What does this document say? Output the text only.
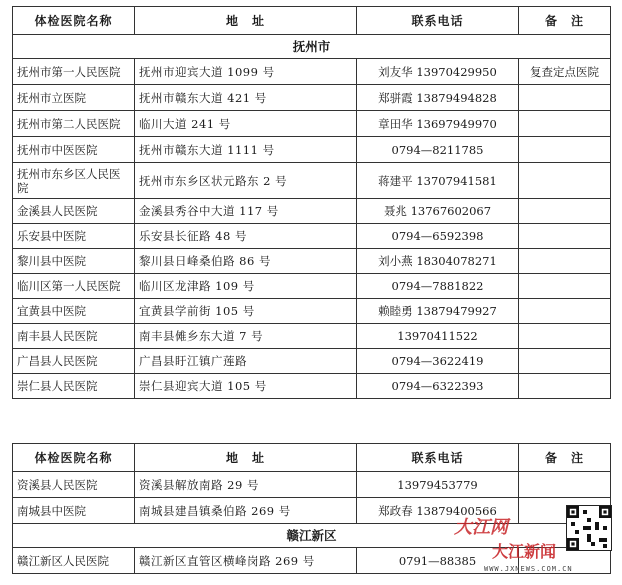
体检医院名称	地　址	联系电话	备　注
抚州市			
抚州市第一人民医院	抚州市迎宾大道 1099 号	刘友华 13970429950	复查定点医院
抚州市立医院	抚州市赣东大道 421 号	郑骈霞 13879494828	
抚州市第二人民医院	临川大道 241 号	章田华 13697949970	
抚州市中医医院	抚州市赣东大道 1111 号	0794—8211785	
抚州市东乡区人民医院	抚州市东乡区状元路东 2 号	蒋建平 13707941581	
金溪县人民医院	金溪县秀谷中大道 117 号	聂兆 13767602067	
乐安县中医院	乐安县长征路 48 号	0794—6592398	
黎川县中医院	黎川县日峰桑伯路 86 号	刘小燕 18304078271	
临川区第一人民医院	临川区龙津路 109 号	0794—7881822	
宜黄县中医院	宜黄县学前街 105 号	赖睦勇 13879479927	
南丰县人民医院	南丰县傩乡东大道 7 号	13970411522	
广昌县人民医院	广昌县盱江镇广莲路	0794—3622419	
崇仁县人民医院	崇仁县迎宾大道 105 号	0794—6322393	
体检医院名称	地　址	联系电话	备　注
资溪县人民医院	资溪县解放南路 29 号	13979453779	
南城县中医院	南城县建昌镇桑伯路 269 号	郑政春 13879400566	
赣江新区			
赣江新区人民医院	赣江新区直管区横峰岗路 269 号	0791—88385	
大江网
大江新闻
WWW.JXNEWS.COM.CN
